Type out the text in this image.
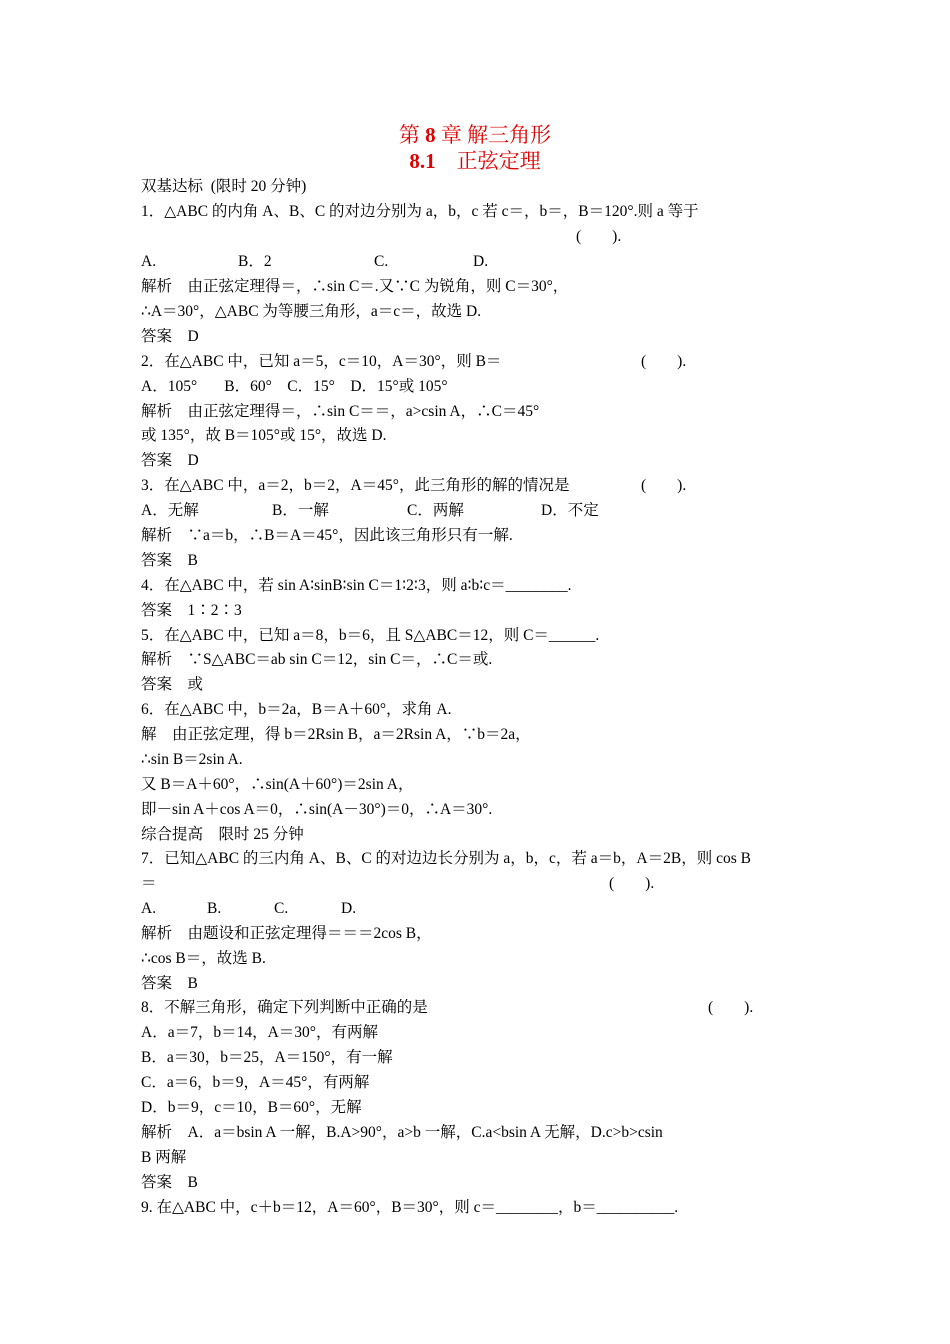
第 8 章 解三角形
8.1 正弦定理
双基达标  (限时 20 分钟)
1．△ABC 的内角 A、B、C 的对边分别为 a，b，c 若 c＝，b＝，B＝120°.则 a 等于
(        ).
A.	B．2	C.	D.
解析    由正弦定理得＝，∴sin C＝.又∵C 为锐角，则 C＝30°，
∴A＝30°，△ABC 为等腰三角形，a＝c＝，故选 D.
答案    D
2．在△ABC 中，已知 a＝5，c＝10，A＝30°，则 B＝	(        ).
A．105°       B．60°    C．15°    D．15°或 105°
解析    由正弦定理得＝，∴sin C＝＝，a>csin A，∴C＝45°
或 135°，故 B＝105°或 15°，故选 D.
答案    D
3．在△ABC 中，a＝2，b＝2，A＝45°，此三角形的解的情况是	(        ).
A．无解	B．一解	C．两解	D．不定
解析    ∵a＝b，∴B＝A＝45°，因此该三角形只有一解.
答案    B
4．在△ABC 中，若 sin A∶sinB∶sin C＝1∶2∶3，则 a∶b∶c＝________.
答案    1∶2∶3
5．在△ABC 中，已知 a＝8，b＝6，且 S△ABC＝12，则 C＝______.
解析    ∵S△ABC＝ab sin C＝12，sin C＝，∴C＝或.
答案    或
6．在△ABC 中，b＝2a，B＝A＋60°，求角 A.
解    由正弦定理，得 b＝2Rsin B，a＝2Rsin A，∵b＝2a，
∴sin B＝2sin A.
又 B＝A＋60°，∴sin(A＋60°)＝2sin A，
即－sin A＋cos A＝0，∴sin(A－30°)＝0，∴A＝30°.
综合提高    限时 25 分钟
7．已知△ABC 的三内角 A、B、C 的对边边长分别为 a，b，c，若 a＝b，A＝2B，则 cos B
＝	(        ).
A.	B.	C.	D.
解析    由题设和正弦定理得＝＝＝2cos B，
∴cos B＝，故选 B.
答案    B
8．不解三角形，确定下列判断中正确的是	(        ).
A．a＝7，b＝14，A＝30°，有两解
B．a＝30，b＝25，A＝150°，有一解
C．a＝6，b＝9，A＝45°，有两解
D．b＝9，c＝10，B＝60°，无解
解析    A．a＝bsin A 一解，B.A>90°，a>b 一解，C.a<bsin A 无解，D.c>b>csin
B 两解
答案    B
9. 在△ABC 中，c＋b＝12，A＝60°，B＝30°，则 c＝________，b＝__________.
